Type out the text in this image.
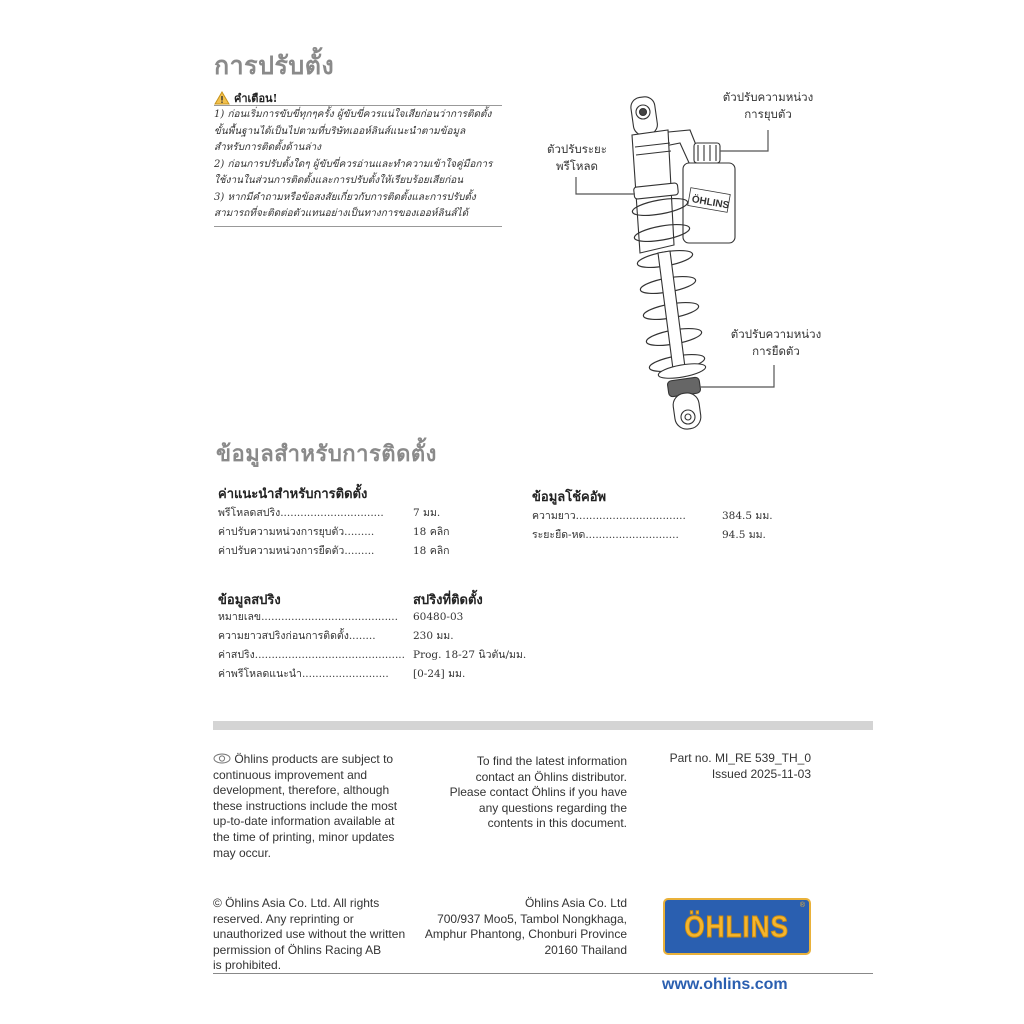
การปรับตั้ง
คำเตือน!
1) ก่อนเริ่มการขับขี่ทุกๆครั้ง ผู้ขับขี่ควรแน่ใจเสียก่อนว่าการติดตั้ง
ขั้นพื้นฐานได้เป็นไปตามที่บริษัทเออห์ลินส์แนะนำตามข้อมูล
สำหรับการติดตั้งด้านล่าง
2) ก่อนการปรับตั้งใดๆ ผู้ขับขี่ควรอ่านและทำความเข้าใจคู่มือการ
ใช้งานในส่วนการติดตั้งและการปรับตั้งให้เรียบร้อยเสียก่อน
3) หากมีคำถามหรือข้อสงสัยเกี่ยวกับการติดตั้งและการปรับตั้ง
สามารถที่จะติดต่อตัวแทนอย่างเป็นทางการของเออห์ลินส์ได้
ÖHLINS
ตัวปรับความหน่วง
การยุบตัว
ตัวปรับระยะ
พรีโหลด
ตัวปรับความหน่วง
การยืดตัว
ข้อมูลสำหรับการติดตั้ง
ค่าแนะนำสำหรับการติดตั้ง
พรีโหลดสปริง...............................
ค่าปรับความหน่วงการยุบตัว.........
ค่าปรับความหน่วงการยืดตัว.........
7 มม.
18 คลิก
18 คลิก
ข้อมูลโช้คอัพ
ความยาว.................................
ระยะยืด-หด............................
384.5 มม.
94.5 มม.
ข้อมูลสปริง	สปริงที่ติดตั้ง
หมายเลข.........................................
ความยาวสปริงก่อนการติดตั้ง........
ค่าสปริง.............................................
ค่าพรีโหลดแนะนำ..........................
60480-03
230 มม.
Prog. 18-27 นิวตัน/มม.
[0-24] มม.
Öhlins products are subject to
continuous improvement and
development, therefore, although
these instructions include the most
up-to-date information available at
the time of printing, minor updates
may occur.
To find the latest information
contact an Öhlins distributor.
Please contact Öhlins if you have
any questions regarding the
contents in this document.
Part no. MI_RE 539_TH_0
Issued 2025-11-03
© Öhlins Asia Co. Ltd. All rights
reserved. Any reprinting or
unauthorized use without the written
permission of Öhlins Racing AB
is prohibited.
Öhlins Asia Co. Ltd
700/937 Moo5, Tambol Nongkhaga,
Amphur Phantong, Chonburi Province
20160 Thailand
ÖHLINS
®
www.ohlins.com
